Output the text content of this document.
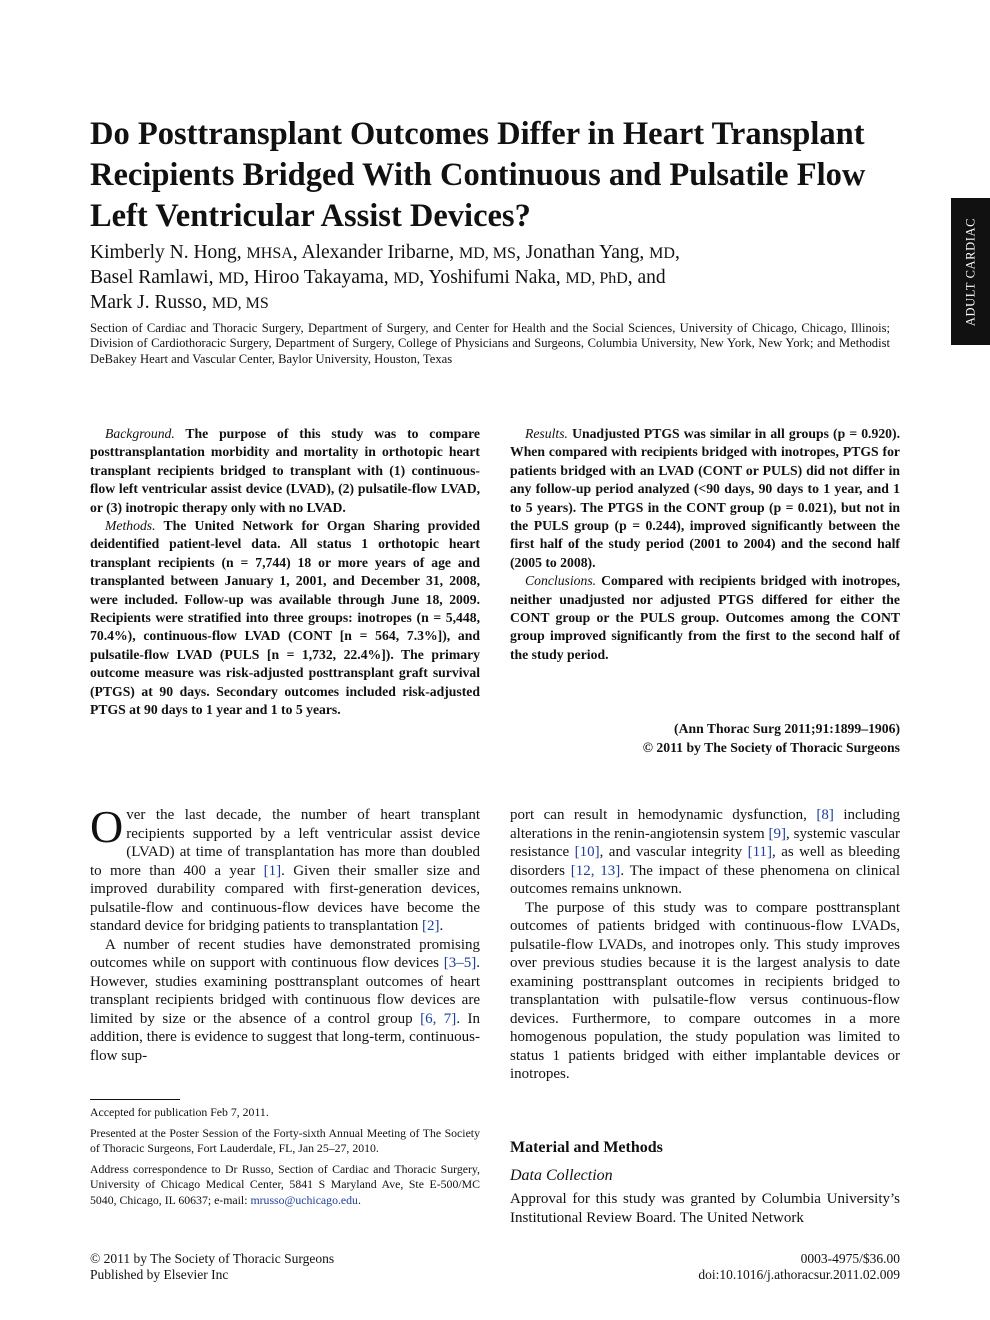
ADULT CARDIAC
Do Posttransplant Outcomes Differ in Heart Transplant Recipients Bridged With Continuous and Pulsatile Flow Left Ventricular Assist Devices?

Kimberly N. Hong, MHSA, Alexander Iribarne, MD, MS, Jonathan Yang, MD,
Basel Ramlawi, MD, Hiroo Takayama, MD, Yoshifumi Naka, MD, PhD, and
Mark J. Russo, MD, MS

Section of Cardiac and Thoracic Surgery, Department of Surgery, and Center for Health and the Social Sciences, University of Chicago, Chicago, Illinois; Division of Cardiothoracic Surgery, Department of Surgery, College of Physicians and Surgeons, Columbia University, New York, New York; and Methodist DeBakey Heart and Vascular Center, Baylor University, Houston, Texas

Background. The purpose of this study was to compare posttransplantation morbidity and mortality in orthotopic heart transplant recipients bridged to transplant with (1) continuous-flow left ventricular assist device (LVAD), (2) pulsatile-flow LVAD, or (3) inotropic therapy only with no LVAD.

Methods. The United Network for Organ Sharing provided deidentified patient-level data. All status 1 orthotopic heart transplant recipients (n = 7,744) 18 or more years of age and transplanted between January 1, 2001, and December 31, 2008, were included. Follow-up was available through June 18, 2009. Recipients were stratified into three groups: inotropes (n = 5,448, 70.4%), continuous-flow LVAD (CONT [n = 564, 7.3%]), and pulsatile-flow LVAD (PULS [n = 1,732, 22.4%]). The primary outcome measure was risk-adjusted posttransplant graft survival (PTGS) at 90 days. Secondary outcomes included risk-adjusted PTGS at 90 days to 1 year and 1 to 5 years.

Results. Unadjusted PTGS was similar in all groups (p = 0.920). When compared with recipients bridged with inotropes, PTGS for patients bridged with an LVAD (CONT or PULS) did not differ in any follow-up period analyzed (<90 days, 90 days to 1 year, and 1 to 5 years). The PTGS in the CONT group (p = 0.021), but not in the PULS group (p = 0.244), improved significantly between the first half of the study period (2001 to 2004) and the second half (2005 to 2008).

Conclusions. Compared with recipients bridged with inotropes, neither unadjusted nor adjusted PTGS differed for either the CONT group or the PULS group. Outcomes among the CONT group improved significantly from the first to the second half of the study period.

(Ann Thorac Surg 2011;91:1899–1906)
© 2011 by The Society of Thoracic Surgeons

Over the last decade, the number of heart transplant recipients supported by a left ventricular assist device (LVAD) at time of transplantation has more than doubled to more than 400 a year [1]. Given their smaller size and improved durability compared with first-generation devices, pulsatile-flow and continuous-flow devices have become the standard device for bridging patients to transplantation [2].

A number of recent studies have demonstrated promising outcomes while on support with continuous flow devices [3–5]. However, studies examining posttransplant outcomes of heart transplant recipients bridged with continuous flow devices are limited by size or the absence of a control group [6, 7]. In addition, there is evidence to suggest that long-term, continuous-flow sup-

port can result in hemodynamic dysfunction, [8] including alterations in the renin-angiotensin system [9], systemic vascular resistance [10], and vascular integrity [11], as well as bleeding disorders [12, 13]. The impact of these phenomena on clinical outcomes remains unknown.

The purpose of this study was to compare posttransplant outcomes of patients bridged with continuous-flow LVADs, pulsatile-flow LVADs, and inotropes only. This study improves over previous studies because it is the largest analysis to date examining posttransplant outcomes in recipients bridged to transplantation with pulsatile-flow versus continuous-flow devices. Furthermore, to compare outcomes in a more homogenous population, the study population was limited to status 1 patients bridged with either implantable devices or inotropes.

Material and Methods
Data Collection

Approval for this study was granted by Columbia University’s Institutional Review Board. The United Network

Accepted for publication Feb 7, 2011.

Presented at the Poster Session of the Forty-sixth Annual Meeting of The Society of Thoracic Surgeons, Fort Lauderdale, FL, Jan 25–27, 2010.

Address correspondence to Dr Russo, Section of Cardiac and Thoracic Surgery, University of Chicago Medical Center, 5841 S Maryland Ave, Ste E-500/MC 5040, Chicago, IL 60637; e-mail: mrusso@uchicago.edu.

© 2011 by The Society of Thoracic Surgeons
Published by Elsevier Inc
0003-4975/$36.00
doi:10.1016/j.athoracsur.2011.02.009
